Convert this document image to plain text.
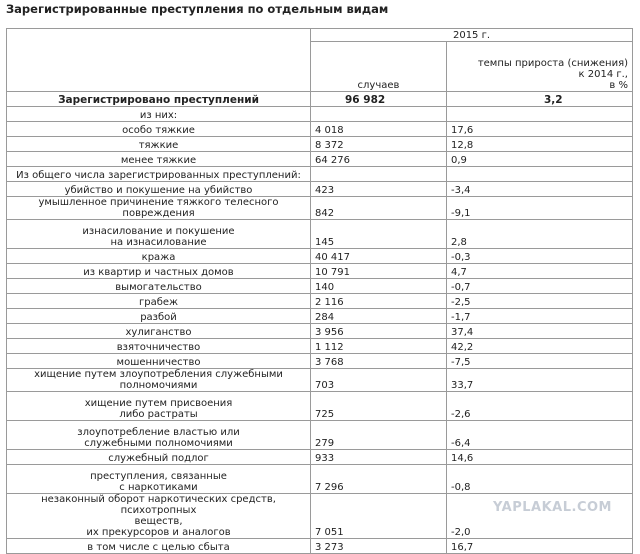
Зарегистрированные преступления по отдельным видам
	2015 г.	
	случаев	темпы прироста (снижения)
к 2014 г.,
в %

Зарегистрировано преступлений	96 982	3,2

из них:		

особо тяжкие	4 018	17,6

тяжкие	8 372	12,8

менее тяжкие	64 276	0,9

Из общего числа зарегистрированных преступлений:		

убийство и покушение на убийство	423	-3,4

умышленное причинение тяжкого телесного повреждения	842	-9,1

изнасилование и покушение
на изнасилование	145	2,8

кража	40 417	-0,3

из квартир и частных домов	10 791	4,7

вымогательство	140	-0,7

грабеж	2 116	-2,5

разбой	284	-1,7

хулиганство	3 956	37,4

взяточничество	1 112	42,2

мошенничество	3 768	-7,5

хищение путем злоупотребления служебными полномочиями	703	33,7

хищение путем присвоения
либо растраты	725	-2,6

злоупотребление властью или
служебными полномочиями	279	-6,4

служебный подлог	933	14,6

преступления, связанные
с наркотиками	7 296	-0,8

незаконный оборот наркотических средств, психотропных
веществ,
их прекурсоров и аналогов	7 051	-2,0

в том числе с целью сбыта	3 273	16,7
YAPLAKAL.COM
